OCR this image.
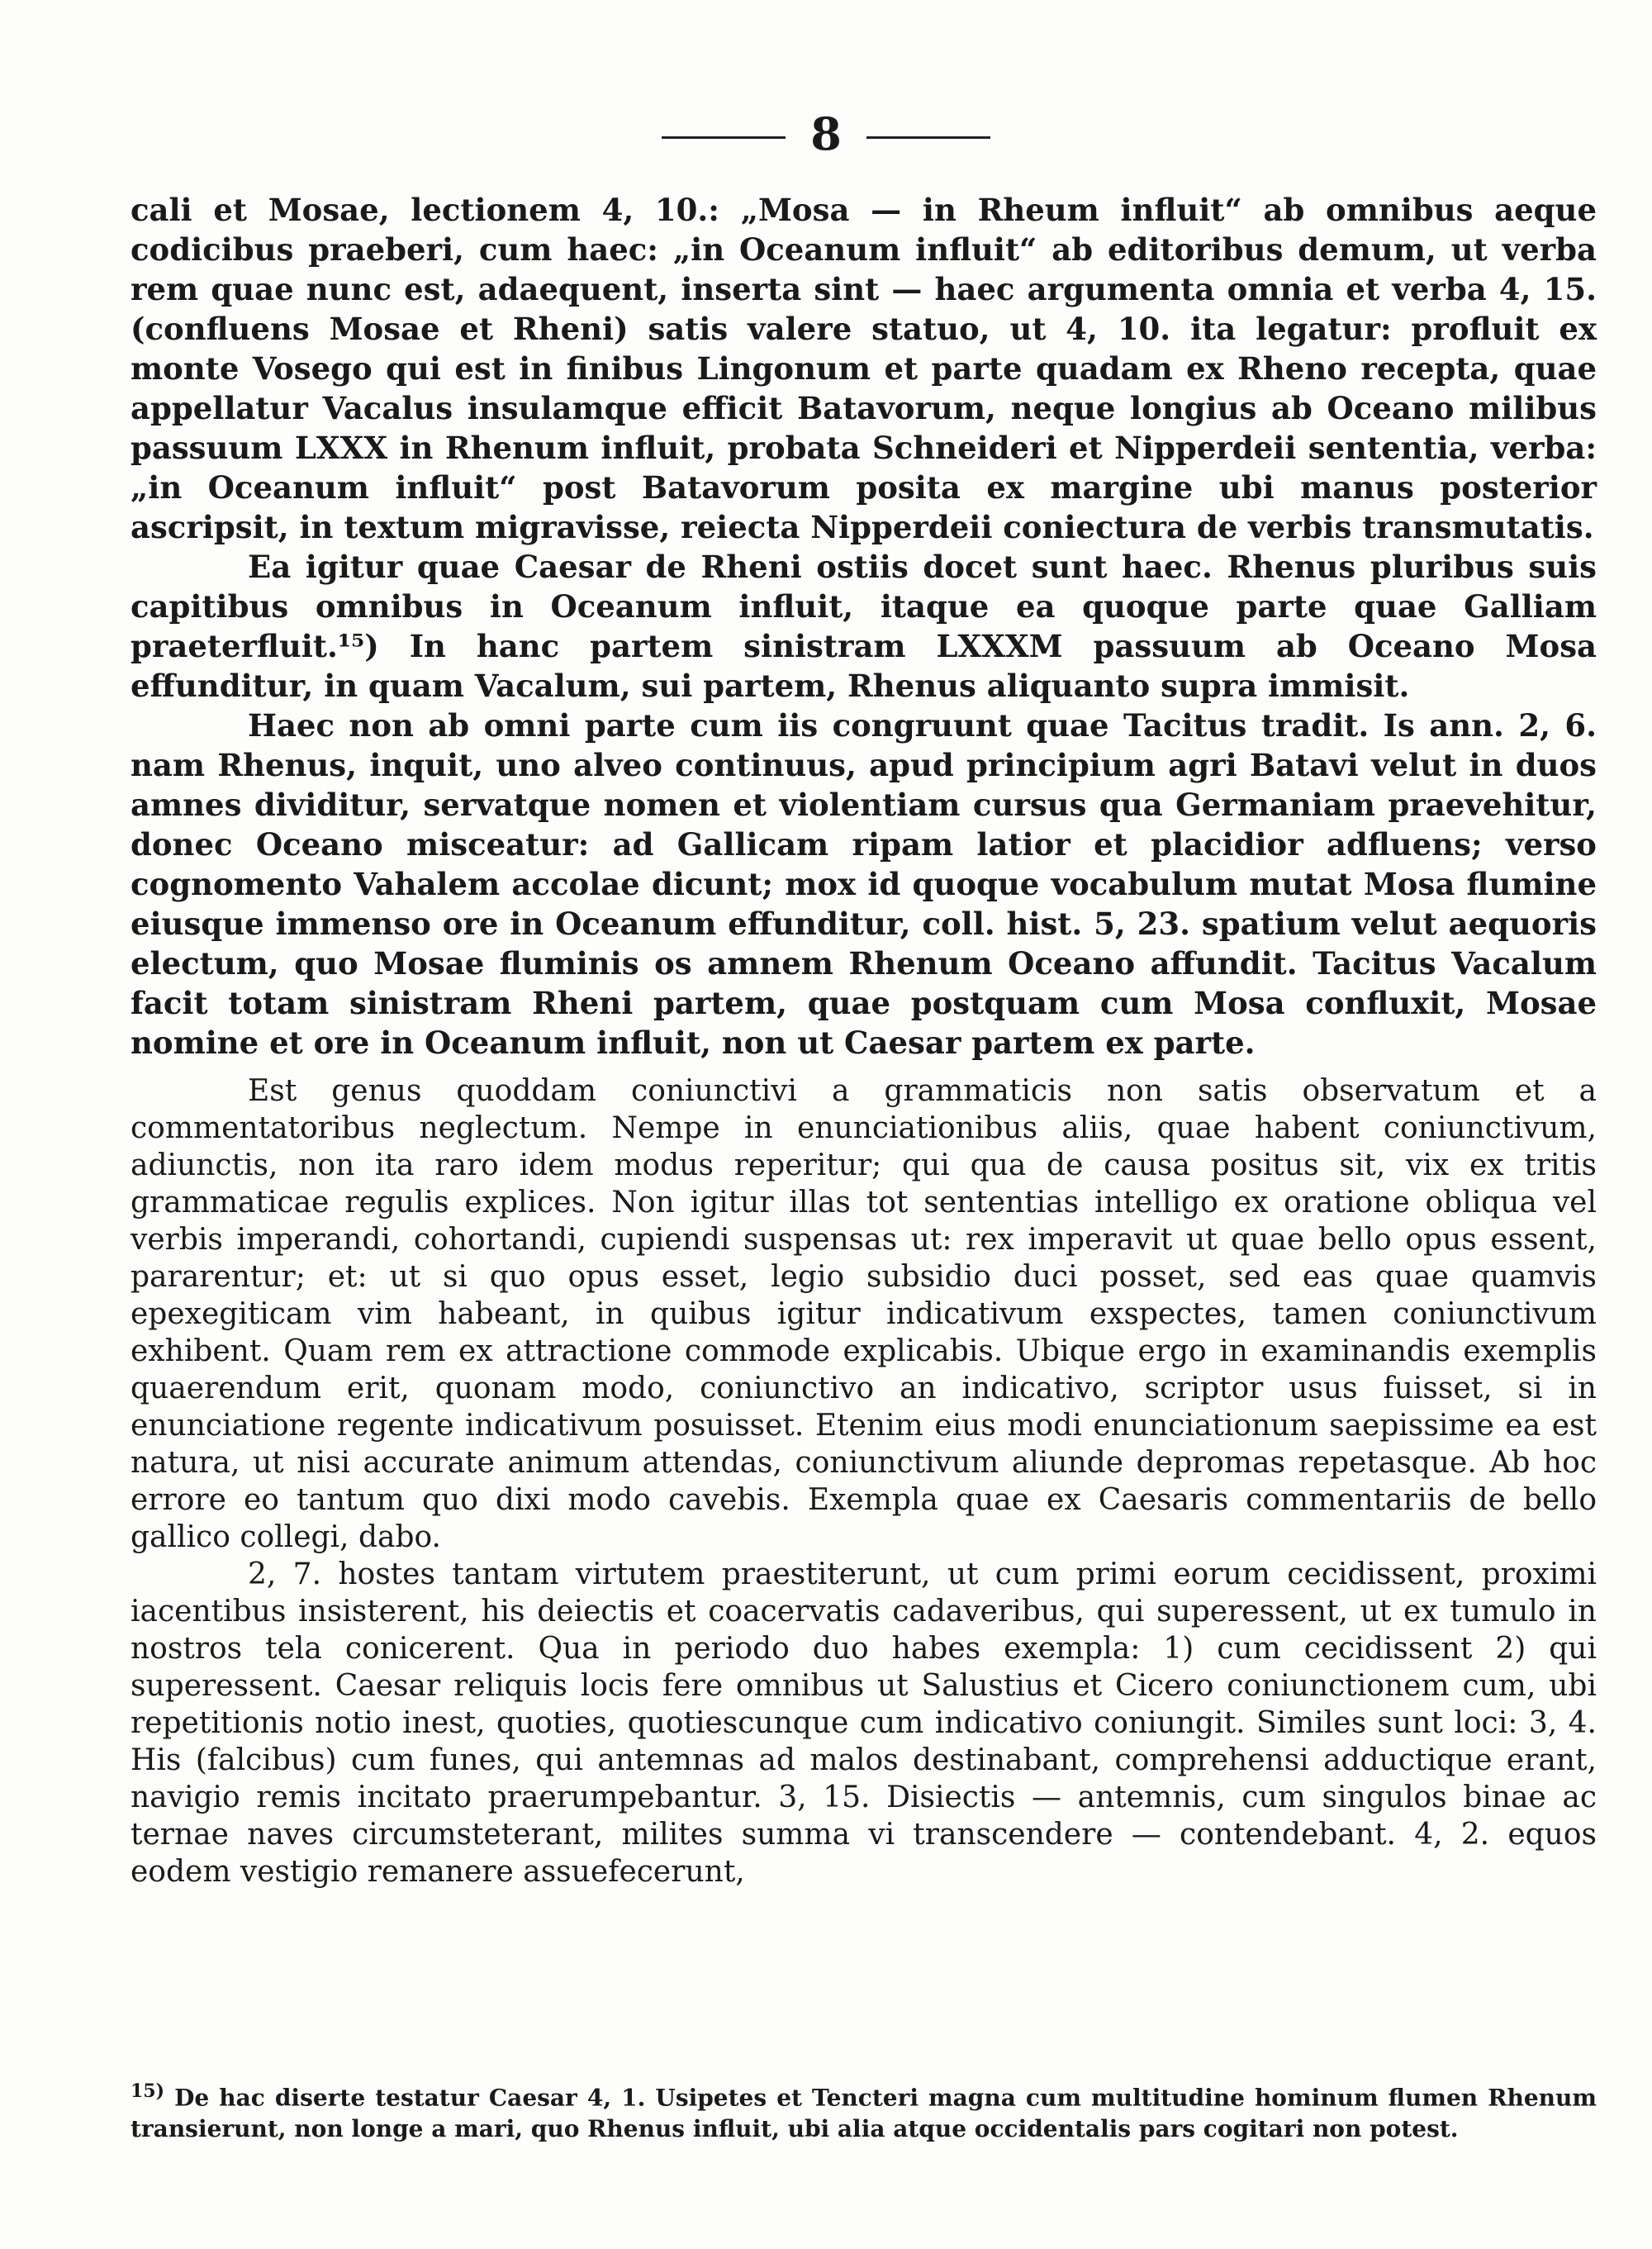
8

cali et Mosae, lectionem 4, 10.: „Mosa — in Rheum influit“ ab omnibus aeque codicibus praeberi, cum haec: „in Oceanum influit“ ab editoribus demum, ut verba rem quae nunc est, adaequent, inserta sint — haec argumenta omnia et verba 4, 15. (confluens Mosae et Rheni) satis valere statuo, ut 4, 10. ita legatur: profluit ex monte Vosego qui est in finibus Lingonum et parte quadam ex Rheno recepta, quae appellatur Vacalus insulamque efficit Batavorum, neque longius ab Oceano milibus passuum LXXX in Rhenum influit, probata Schneideri et Nipperdeii sententia, verba: „in Oceanum influit“ post Batavorum posita ex margine ubi manus posterior ascripsit, in textum migravisse, reiecta Nipperdeii coniectura de verbis transmutatis.

Ea igitur quae Caesar de Rheni ostiis docet sunt haec. Rhenus pluribus suis capitibus omnibus in Oceanum influit, itaque ea quoque parte quae Galliam praeterfluit.¹⁵) In hanc partem sinistram LXXXM passuum ab Oceano Mosa effunditur, in quam Vacalum, sui partem, Rhenus aliquanto supra immisit.

Haec non ab omni parte cum iis congruunt quae Tacitus tradit. Is ann. 2, 6. nam Rhenus, inquit, uno alveo continuus, apud principium agri Batavi velut in duos amnes dividitur, servatque nomen et violentiam cursus qua Germaniam praevehitur, donec Oceano misceatur: ad Gallicam ripam latior et placidior adfluens; verso cognomento Vahalem accolae dicunt; mox id quoque vocabulum mutat Mosa flumine eiusque immenso ore in Oceanum effunditur, coll. hist. 5, 23. spatium velut aequoris electum, quo Mosae fluminis os amnem Rhenum Oceano affundit. Tacitus Vacalum facit totam sinistram Rheni partem, quae postquam cum Mosa confluxit, Mosae nomine et ore in Oceanum influit, non ut Caesar partem ex parte.

Est genus quoddam coniunctivi a grammaticis non satis observatum et a commentatoribus neglectum. Nempe in enunciationibus aliis, quae habent coniunctivum, adiunctis, non ita raro idem modus reperitur; qui qua de causa positus sit, vix ex tritis grammaticae regulis explices. Non igitur illas tot sententias intelligo ex oratione obliqua vel verbis imperandi, cohortandi, cupiendi suspensas ut: rex imperavit ut quae bello opus essent, pararentur; et: ut si quo opus esset, legio subsidio duci posset, sed eas quae quamvis epexegiticam vim habeant, in quibus igitur indicativum exspectes, tamen coniunctivum exhibent. Quam rem ex attractione commode explicabis. Ubique ergo in examinandis exemplis quaerendum erit, quonam modo, coniunctivo an indicativo, scriptor usus fuisset, si in enunciatione regente indicativum posuisset. Etenim eius modi enunciationum saepissime ea est natura, ut nisi accurate animum attendas, coniunctivum aliunde depromas repetasque. Ab hoc errore eo tantum quo dixi modo cavebis. Exempla quae ex Caesaris commentariis de bello gallico collegi, dabo.

2, 7. hostes tantam virtutem praestiterunt, ut cum primi eorum cecidissent, proximi iacentibus insisterent, his deiectis et coacervatis cadaveribus, qui superessent, ut ex tumulo in nostros tela conicerent. Qua in periodo duo habes exempla: 1) cum cecidissent 2) qui superessent. Caesar reliquis locis fere omnibus ut Salustius et Cicero coniunctionem cum, ubi repetitionis notio inest, quoties, quotiescunque cum indicativo coniungit. Similes sunt loci: 3, 4. His (falcibus) cum funes, qui antemnas ad malos destinabant, comprehensi adductique erant, navigio remis incitato praerumpebantur. 3, 15. Disiectis — antemnis, cum singulos binae ac ternae naves circumsteterant, milites summa vi transcendere — contendebant. 4, 2. equos eodem vestigio remanere assuefecerunt,

$^{15)}$ De hac diserte testatur Caesar 4, 1. Usipetes et Tencteri magna cum multitudine hominum flumen Rhenum transierunt, non longe a mari, quo Rhenus influit, ubi alia atque occidentalis pars cogitari non potest.
